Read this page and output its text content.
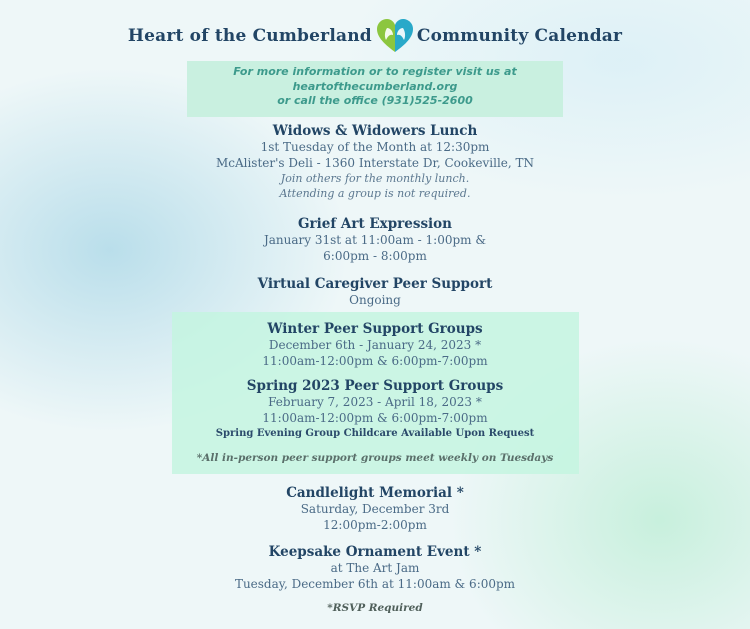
Heart of the Cumberland	Community Calendar
For more information or to register visit us at
heartofthecumberland.org
or call the office (931)525-2600
Widows & Widowers Lunch
1st Tuesday of the Month at 12:30pm
McAlister's Deli - 1360 Interstate Dr, Cookeville, TN
Join others for the monthly lunch.
Attending a group is not required.
Grief Art Expression
January 31st at 11:00am - 1:00pm &
6:00pm - 8:00pm
Virtual Caregiver Peer Support
Ongoing
Winter Peer Support Groups
December 6th - January 24, 2023 *
11:00am-12:00pm & 6:00pm-7:00pm
Spring 2023 Peer Support Groups
February 7, 2023 - April 18, 2023 *
11:00am-12:00pm & 6:00pm-7:00pm
Spring Evening Group Childcare Available Upon Request
*All in-person peer support groups meet weekly on Tuesdays
Candlelight Memorial *
Saturday, December 3rd
12:00pm-2:00pm
Keepsake Ornament Event *
at The Art Jam
Tuesday, December 6th at 11:00am & 6:00pm
*RSVP Required
